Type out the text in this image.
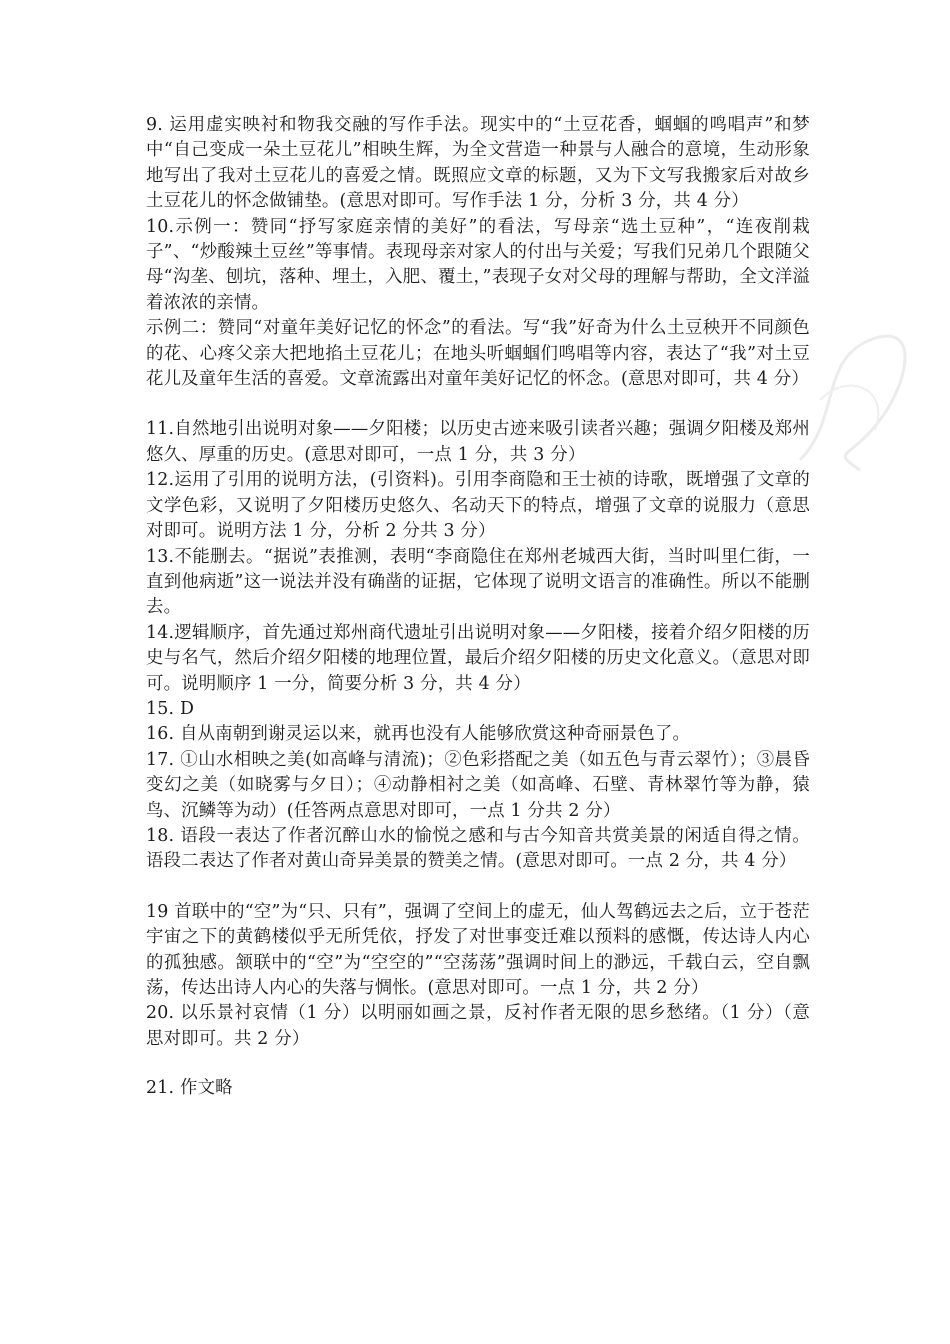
9. 运用虚实映衬和物我交融的写作手法。现实中的“土豆花香，蝈蝈的鸣唱声”和梦中“自己变成一朵土豆花儿”相映生辉，为全文营造一种景与人融合的意境，生动形象地写出了我对土豆花儿的喜爱之情。既照应文章的标题，又为下文写我搬家后对故乡土豆花儿的怀念做铺垫。(意思对即可。写作手法 1 分，分析 3 分，共 4 分）

10.示例一：赞同“抒写家庭亲情的美好”的看法，写母亲“选土豆种”，“连夜削栽子”、“炒酸辣土豆丝”等事情。表现母亲对家人的付出与关爱；写我们兄弟几个跟随父母“沟垄、刨坑，落种、埋土，入肥、覆土，”表现子女对父母的理解与帮助，全文洋溢着浓浓的亲情。

示例二：赞同“对童年美好记忆的怀念”的看法。写“我”好奇为什么土豆秧开不同颜色的花、心疼父亲大把地掐土豆花儿；在地头听蝈蝈们鸣唱等内容，表达了“我”对土豆花儿及童年生活的喜爱。文章流露出对童年美好记忆的怀念。(意思对即可，共 4 分）

11.自然地引出说明对象——夕阳楼；以历史古迹来吸引读者兴趣；强调夕阳楼及郑州悠久、厚重的历史。(意思对即可，一点 1 分，共 3 分）

12.运用了引用的说明方法，(引资料)。引用李商隐和王士祯的诗歌，既增强了文章的文学色彩，又说明了夕阳楼历史悠久、名动天下的特点，增强了文章的说服力（意思对即可。说明方法 1 分，分析 2 分共 3 分）

13.不能删去。“据说”表推测，表明“李商隐住在郑州老城西大街，当时叫里仁街，一直到他病逝”这一说法并没有确凿的证据，它体现了说明文语言的准确性。所以不能删去。

14.逻辑顺序，首先通过郑州商代遗址引出说明对象——夕阳楼，接着介绍夕阳楼的历史与名气，然后介绍夕阳楼的地理位置，最后介绍夕阳楼的历史文化意义。（意思对即可。说明顺序 1 一分，简要分析 3 分，共 4 分）

15. D

16. 自从南朝到谢灵运以来，就再也没有人能够欣赏这种奇丽景色了。

17. ①山水相映之美(如高峰与清流)；②色彩搭配之美（如五色与青云翠竹）；③晨昏变幻之美（如晓雾与夕日）；④动静相衬之美（如高峰、石壁、青林翠竹等为静，猿鸟、沉鳞等为动）(任答两点意思对即可，一点 1 分共 2 分）

18. 语段一表达了作者沉醉山水的愉悦之感和与古今知音共赏美景的闲适自得之情。语段二表达了作者对黄山奇异美景的赞美之情。(意思对即可。一点 2 分，共 4 分）

19 首联中的“空”为“只、只有”，强调了空间上的虚无，仙人驾鹤远去之后，立于苍茫宇宙之下的黄鹤楼似乎无所凭依，抒发了对世事变迁难以预料的感慨，传达诗人内心的孤独感。颔联中的“空”为“空空的”“空荡荡”强调时间上的渺远，千载白云，空自飘荡，传达出诗人内心的失落与惆怅。(意思对即可。一点 1 分，共 2 分）

20. 以乐景衬哀情（1 分）以明丽如画之景，反衬作者无限的思乡愁绪。（1 分）（意思对即可。共 2 分）

21. 作文略
